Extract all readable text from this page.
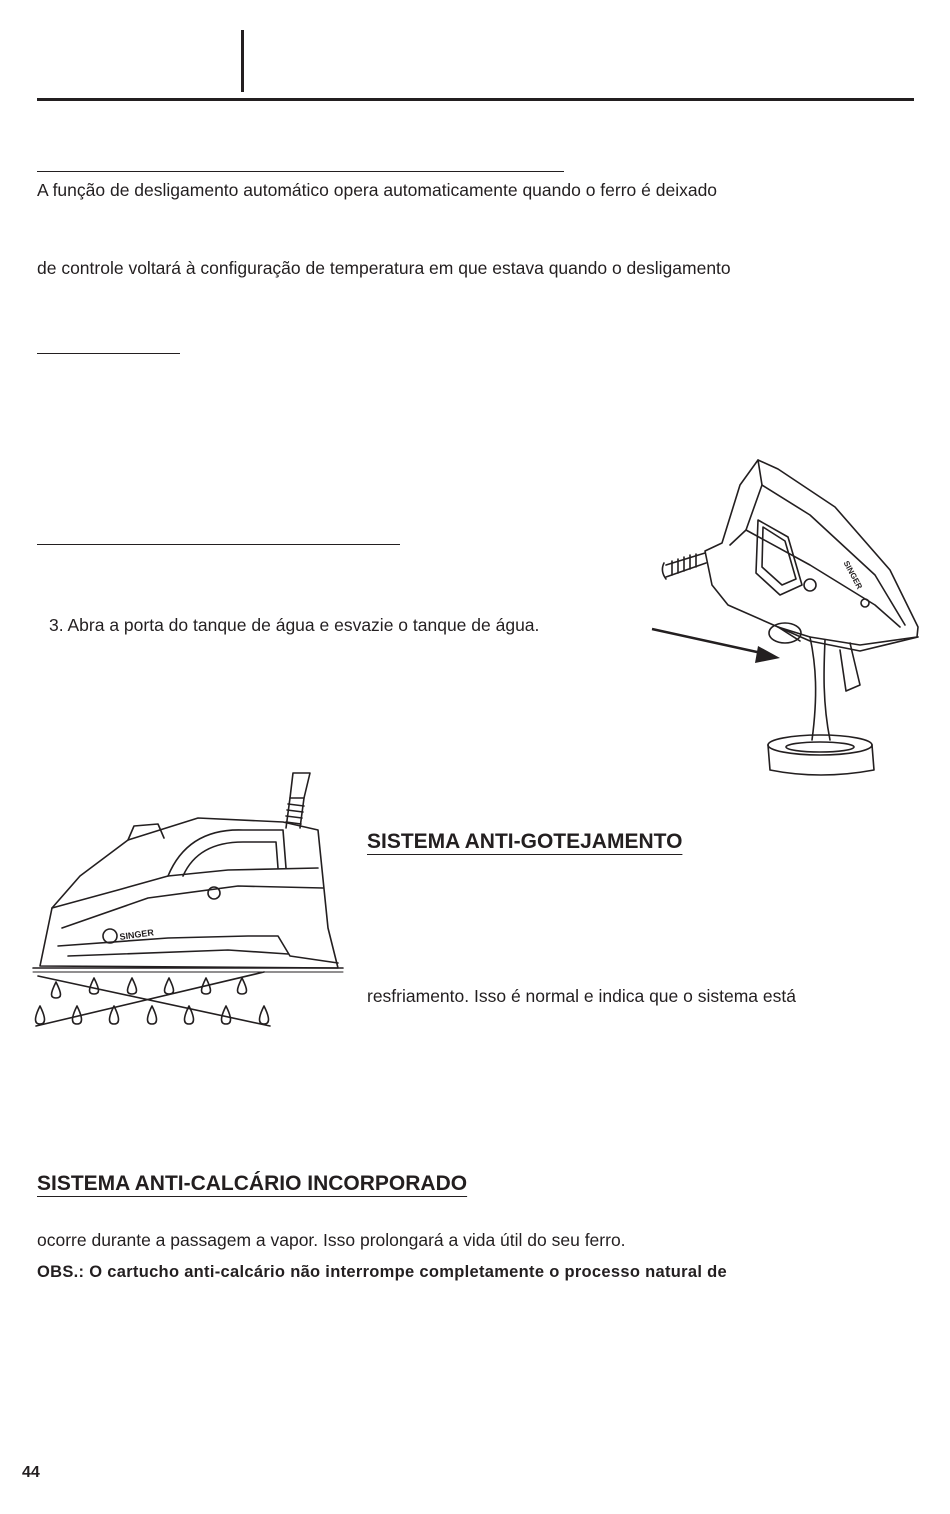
A função de desligamento automático opera automaticamente quando o ferro é deixado
de controle voltará à configuração de temperatura em que estava quando o desligamento
3. Abra a porta do tanque de água e esvazie o tanque de água.
SINGER
SISTEMA ANTI-GOTEJAMENTO
resfriamento. Isso é normal e indica que o sistema está
SINGER
SISTEMA ANTI-CALCÁRIO INCORPORADO
ocorre durante a passagem a vapor. Isso prolongará a vida útil do seu ferro.
OBS.: O cartucho anti-calcário não interrompe completamente o processo natural de
44
